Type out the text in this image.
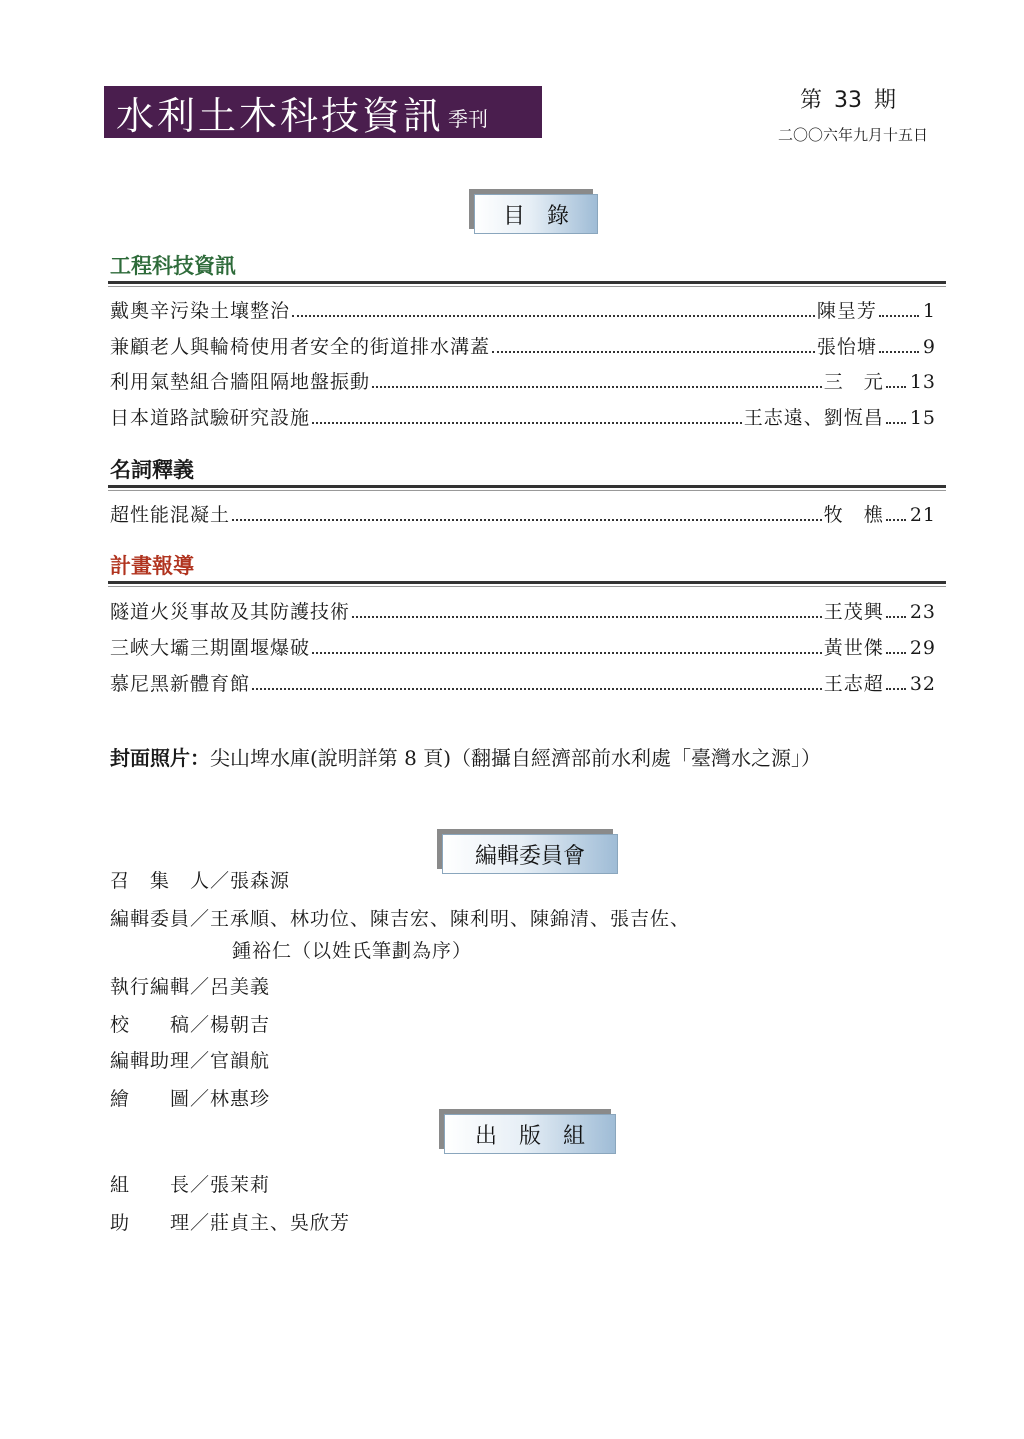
水利土木科技資訊 季刊
第 33 期
二〇〇六年九月十五日
目　錄
工程科技資訊
戴奧辛污染土壤整治	陳呈芳 1
兼顧老人與輪椅使用者安全的街道排水溝蓋	張怡塘 9
利用氣墊組合牆阻隔地盤振動	三　元 13
日本道路試驗研究設施	王志遠、劉恆昌 15
名詞釋義
超性能混凝土	牧　樵 21
計畫報導
隧道火災事故及其防護技術	王茂興 23
三峽大壩三期圍堰爆破	黃世傑 29
慕尼黑新體育館	王志超 32
封面照片：尖山埤水庫(說明詳第 8 頁)（翻攝自經濟部前水利處「臺灣水之源」）
編輯委員會
召　集　人／張森源
編輯委員／王承順、林功位、陳吉宏、陳利明、陳錦清、張吉佐、
鍾裕仁（以姓氏筆劃為序）
執行編輯／呂美義
校　　稿／楊朝吉
編輯助理／官韻航
繪　　圖／林惠珍
出　版　組
組　　長／張茉莉
助　　理／莊貞主、吳欣芳
